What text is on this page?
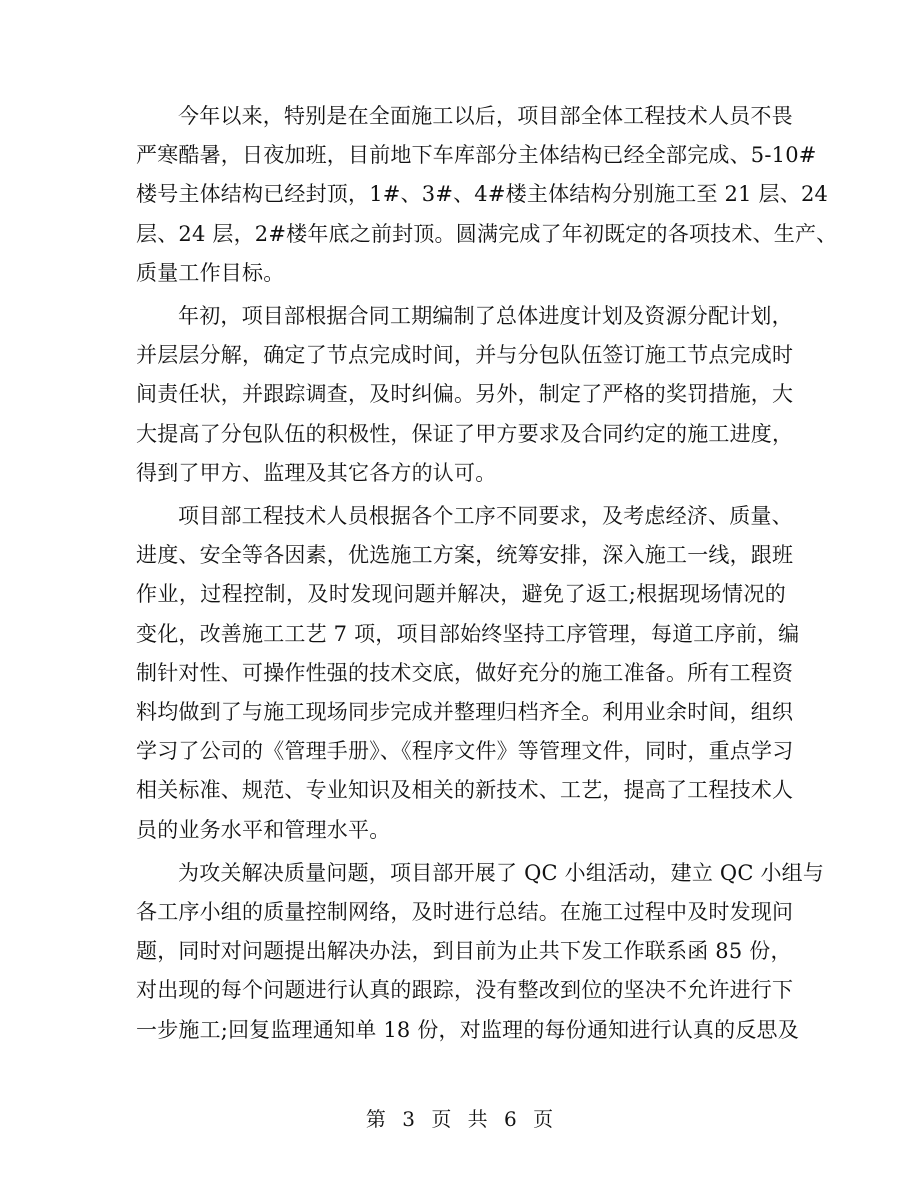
今年以来，特别是在全面施工以后，项目部全体工程技术人员不畏
严寒酷暑，日夜加班，目前地下车库部分主体结构已经全部完成、5-10#
楼号主体结构已经封顶，1#、3#、4#楼主体结构分别施工至 21 层、24
层、24 层，2#楼年底之前封顶。圆满完成了年初既定的各项技术、生产、
质量工作目标。
年初，项目部根据合同工期编制了总体进度计划及资源分配计划，
并层层分解，确定了节点完成时间，并与分包队伍签订施工节点完成时
间责任状，并跟踪调查，及时纠偏。另外，制定了严格的奖罚措施，大
大提高了分包队伍的积极性，保证了甲方要求及合同约定的施工进度，
得到了甲方、监理及其它各方的认可。
项目部工程技术人员根据各个工序不同要求，及考虑经济、质量、
进度、安全等各因素，优选施工方案，统筹安排，深入施工一线，跟班
作业，过程控制，及时发现问题并解决，避免了返工;根据现场情况的
变化，改善施工工艺 7 项，项目部始终坚持工序管理，每道工序前，编
制针对性、可操作性强的技术交底，做好充分的施工准备。所有工程资
料均做到了与施工现场同步完成并整理归档齐全。利用业余时间，组织
学习了公司的《管理手册》、《程序文件》等管理文件，同时，重点学习
相关标准、规范、专业知识及相关的新技术、工艺，提高了工程技术人
员的业务水平和管理水平。
为攻关解决质量问题，项目部开展了 QC 小组活动，建立 QC 小组与
各工序小组的质量控制网络，及时进行总结。在施工过程中及时发现问
题，同时对问题提出解决办法，到目前为止共下发工作联系函 85 份，
对出现的每个问题进行认真的跟踪，没有整改到位的坚决不允许进行下
一步施工;回复监理通知单 18 份，对监理的每份通知进行认真的反思及
第 3 页 共 6 页
